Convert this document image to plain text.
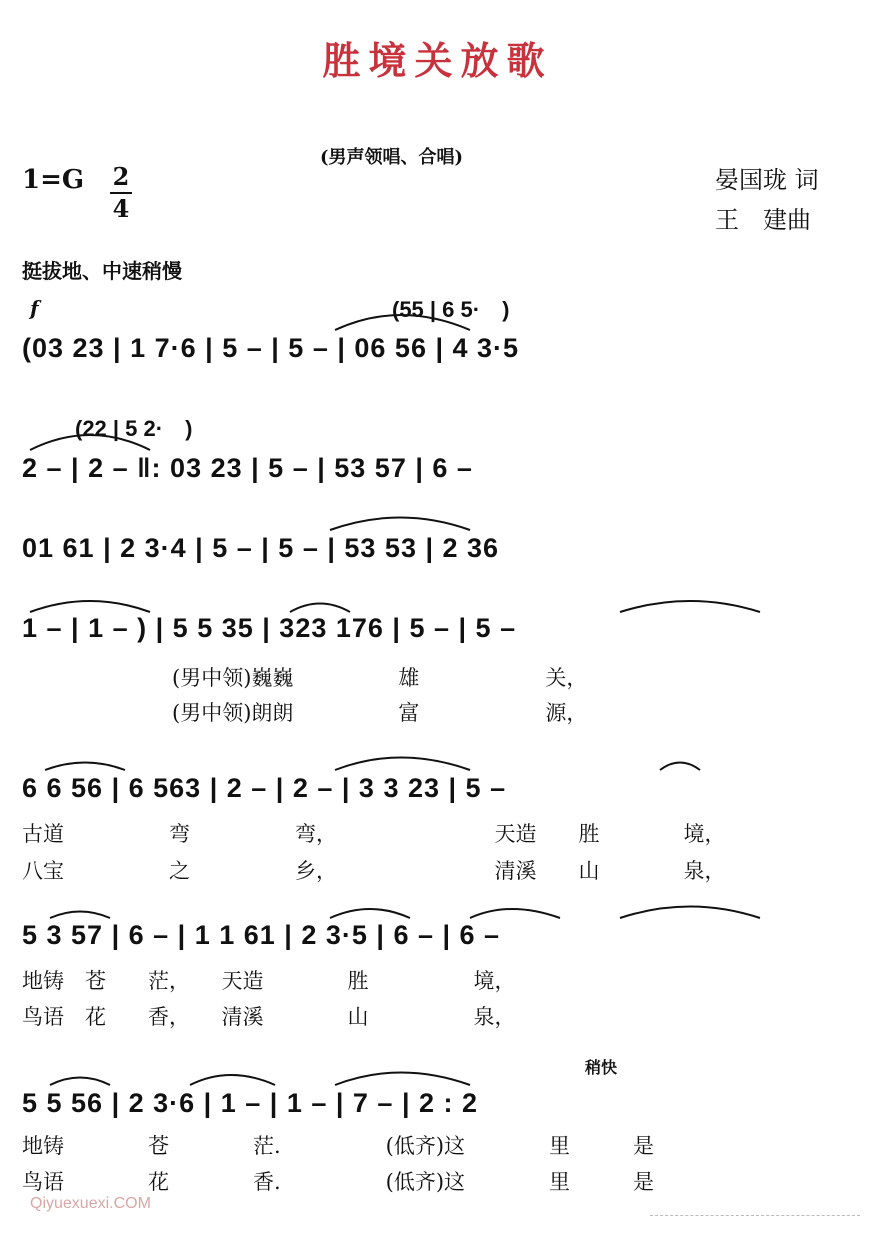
胜境关放歌
(男声领唱、合唱)
1=G 2
4
晏国珑 词
王　建曲
挺拔地、中速稍慢
f	(55 | 6 5·　)
(03 23 | 1 7·6 | 5 – | 5 – | 06 56 | 4 3·5
(22 | 5 2·　)
2 – | 2 – ‖: 03 23 | 5 – | 53 57 | 6 –
01 61 | 2 3·4 | 5 – | 5 – | 53 53 | 2 36
1 – | 1 – ) | 5 5 35 | 323 176 | 5 – | 5 –
(男中领)巍巍　　　　　雄　　　　　　关，
(男中领)朗朗　　　　　富　　　　　　源，
6 6 56 | 6 563 | 2 – | 2 – | 3 3 23 | 5 –
古道　　　　　弯　　　　　弯，　　　　　　　　天造　　胜　　　　境，
八宝　　　　　之　　　　　乡，　　　　　　　　清溪　　山　　　　泉，
5 3 57 | 6 – | 1 1 61 | 2 3·5 | 6 – | 6 –
地铸　苍　　茫，　　天造　　　　胜　　　　　境，
鸟语　花　　香，　　清溪　　　　山　　　　　泉，
稍快
5 5 56 | 2 3·6 | 1 – | 1 – | 7 – | 2 : 2
地铸　　　　苍　　　　茫.　　　　　(低齐)这　　　　里　　　是
鸟语　　　　花　　　　香.　　　　　(低齐)这　　　　里　　　是
Qiyuexuexi.COM
